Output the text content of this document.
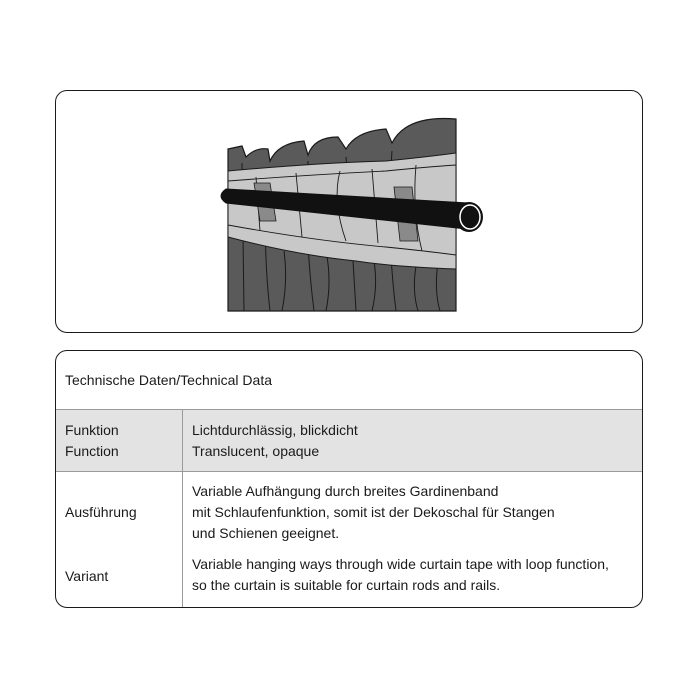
Technische Daten/Technical Data
Funktion
Function
Lichtdurchlässig, blickdicht
Translucent, opaque
Ausführung
Variant
Variable Aufhängung durch breites Gardinenband
mit Schlaufenfunktion, somit ist der Dekoschal für Stangen
und Schienen geeignet.
Variable hanging ways through wide curtain tape with loop function,
so the curtain is suitable for curtain rods and rails.
